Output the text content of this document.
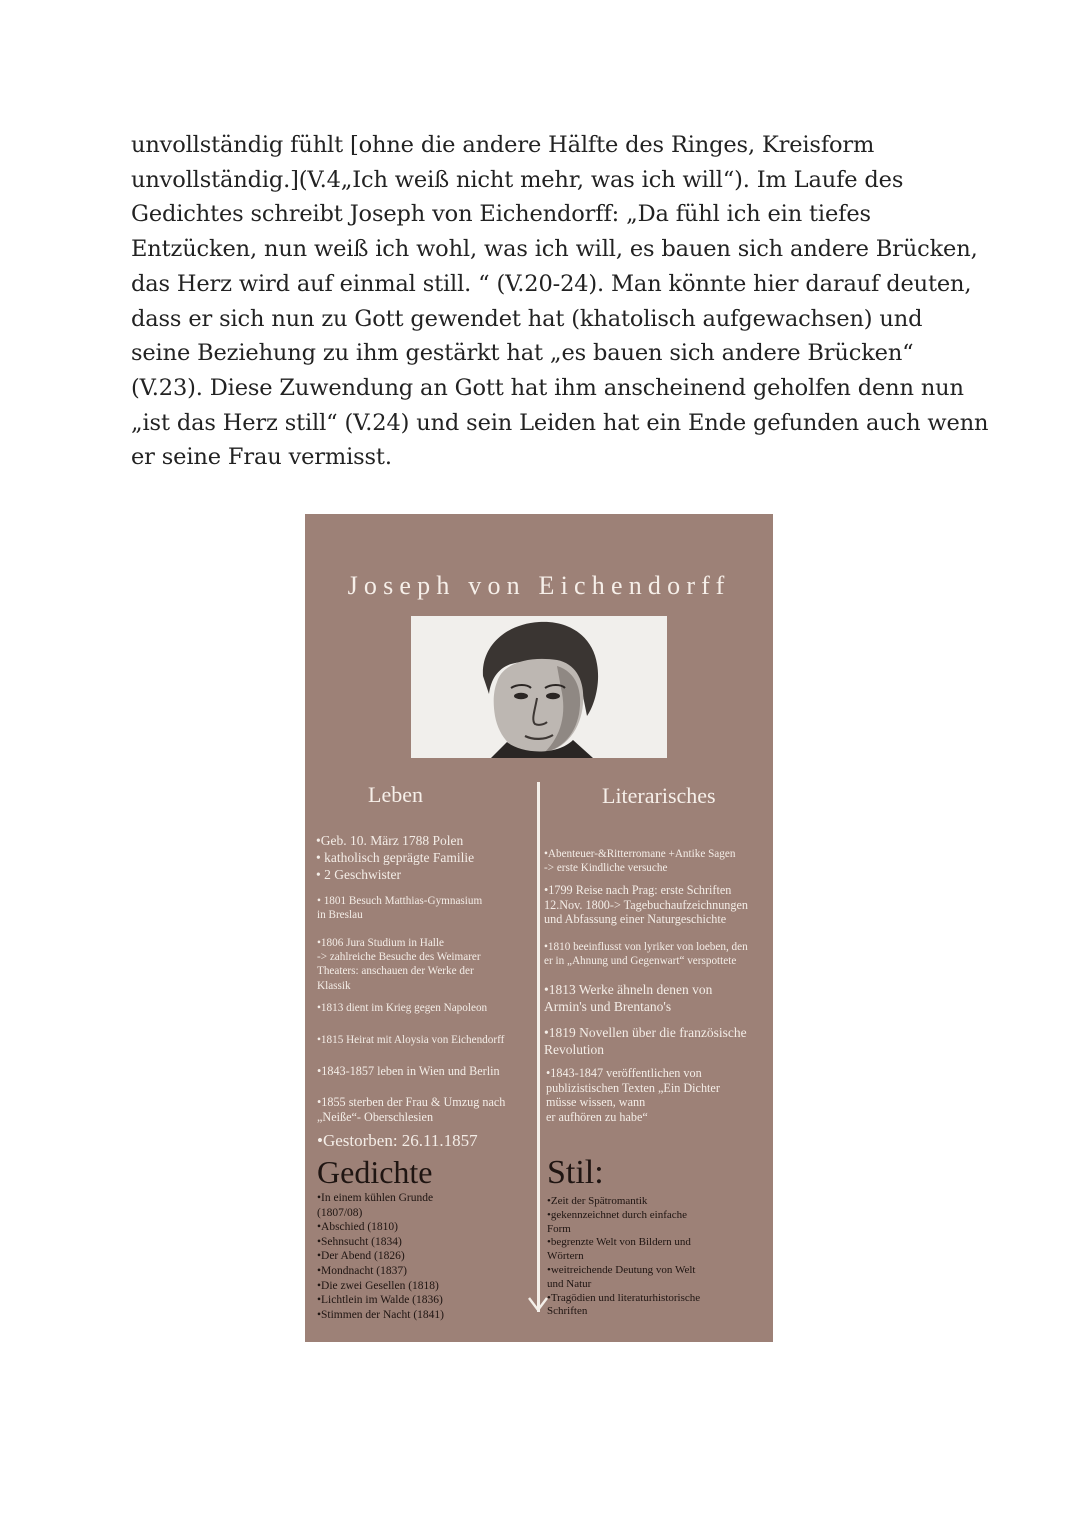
unvollständig fühlt [ohne die andere Hälfte des Ringes, Kreisform
unvollständig.](V.4„Ich weiß nicht mehr, was ich will“). Im Laufe des
Gedichtes schreibt Joseph von Eichendorff: „Da fühl ich ein tiefes
Entzücken, nun weiß ich wohl, was ich will, es bauen sich andere Brücken,
das Herz wird auf einmal still. “ (V.20-24). Man könnte hier darauf deuten,
dass er sich nun zu Gott gewendet hat (khatolisch aufgewachsen) und
seine Beziehung zu ihm gestärkt hat „es bauen sich andere Brücken“
(V.23). Diese Zuwendung an Gott hat ihm anscheinend geholfen denn nun
„ist das Herz still“ (V.24) und sein Leiden hat ein Ende gefunden auch wenn
er seine Frau vermisst.
Joseph von Eichendorff
Leben	Literarisches
•Geb. 10. März 1788 Polen
• katholisch geprägte Familie
• 2 Geschwister
• 1801 Besuch Matthias-Gymnasium
in Breslau
•1806 Jura Studium in Halle
-> zahlreiche Besuche des Weimarer
Theaters: anschauen der Werke der
Klassik
•1813 dient im Krieg gegen Napoleon
•1815 Heirat mit Aloysia von Eichendorff
•1843-1857 leben in Wien und Berlin
•1855 sterben der Frau & Umzug nach
„Neiße“- Oberschlesien
•Gestorben: 26.11.1857
•Abenteuer-&Ritterromane +Antike Sagen
-> erste Kindliche versuche
•1799 Reise nach Prag: erste Schriften
12.Nov. 1800-> Tagebuchaufzeichnungen
und Abfassung einer Naturgeschichte
•1810 beeinflusst von lyriker von loeben, den
er in „Ahnung und Gegenwart“ verspottete
•1813 Werke ähneln denen von
Armin's und Brentano's
•1819 Novellen über die französische
Revolution
•1843-1847 veröffentlichen von
publizistischen Texten „Ein Dichter
müsse wissen, wann
er aufhören zu habe“
Gedichte
•In einem kühlen Grunde
(1807/08)
•Abschied (1810)
•Sehnsucht (1834)
•Der Abend (1826)
•Mondnacht (1837)
•Die zwei Gesellen (1818)
•Lichtlein im Walde (1836)
•Stimmen der Nacht (1841)
Stil:
•Zeit der Spätromantik
•gekennzeichnet durch einfache
Form
•begrenzte Welt von Bildern und
Wörtern
•weitreichende Deutung von Welt
und Natur
•Tragödien und literaturhistorische
Schriften
